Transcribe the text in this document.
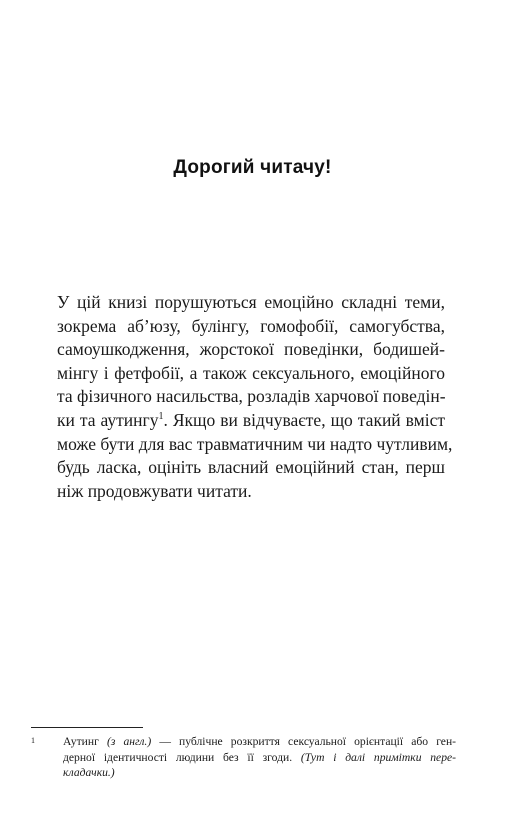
Дорогий читачу!
У цій книзі порушуються емоційно складні теми,
зокрема аб’юзу, булінгу, гомофобії, самогубства,
самоушкодження, жорстокої поведінки, бодишей-
мінгу і фетфобії, а також сексуального, емоційного
та фізичного насильства, розладів харчової поведін-
ки та аутингу$^1$. Якщо ви відчуваєте, що такий вміст
може бути для вас травматичним чи надто чутливим,
будь ласка, оцініть власний емоційний стан, перш
ніж продовжувати читати.
1	Аутинг (з англ.) — публічне розкриття сексуальної орієнтації або ген-
дерної ідентичності людини без її згоди. (Тут і далі примітки пере-
кладачки.)
